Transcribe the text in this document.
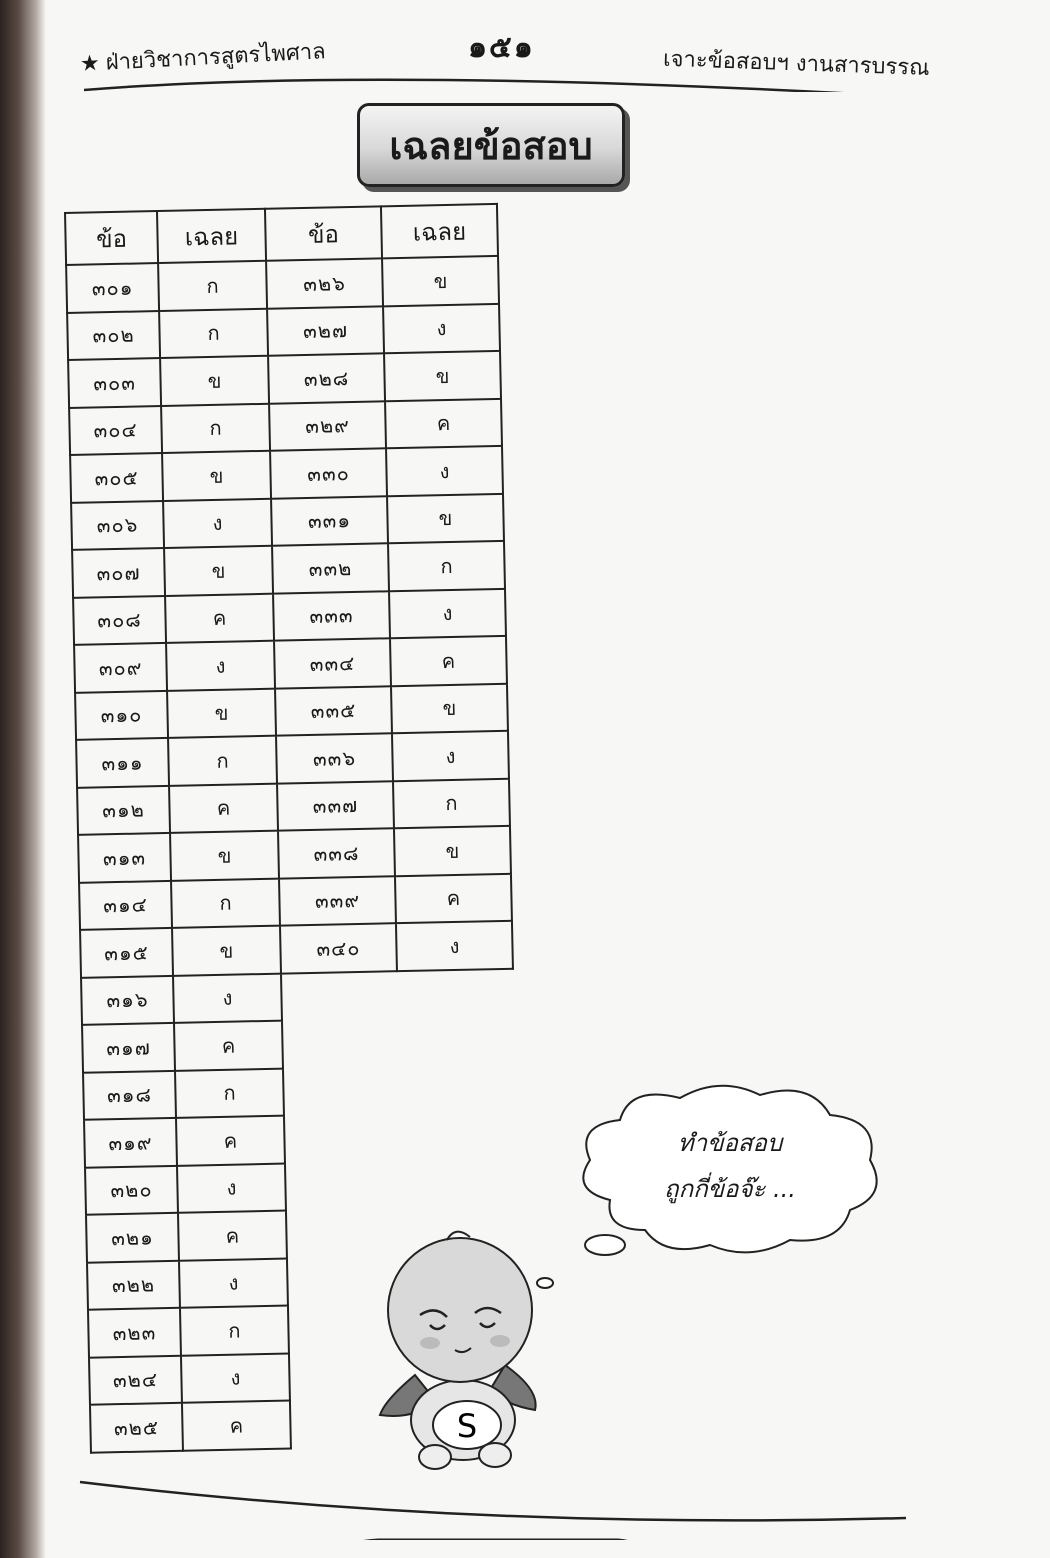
★ ฝ่ายวิชาการสูตรไพศาล	๑๕๑	เจาะข้อสอบฯ งานสารบรรณ
เฉลยข้อสอบ
ข้อ	เฉลย	ข้อ	เฉลย
๓๐๑	ก	๓๒๖	ข
๓๐๒	ก	๓๒๗	ง
๓๐๓	ข	๓๒๘	ข
๓๐๔	ก	๓๒๙	ค
๓๐๕	ข	๓๓๐	ง
๓๐๖	ง	๓๓๑	ข
๓๐๗	ข	๓๓๒	ก
๓๐๘	ค	๓๓๓	ง
๓๐๙	ง	๓๓๔	ค
๓๑๐	ข	๓๓๕	ข
๓๑๑	ก	๓๓๖	ง
๓๑๒	ค	๓๓๗	ก
๓๑๓	ข	๓๓๘	ข
๓๑๔	ก	๓๓๙	ค
๓๑๕	ข	๓๔๐	ง
๓๑๖	ง		
๓๑๗	ค		
๓๑๘	ก		
๓๑๙	ค		
๓๒๐	ง		
๓๒๑	ค		
๓๒๒	ง		
๓๒๓	ก		
๓๒๔	ง		
๓๒๕	ค		
ทำข้อสอบ
ถูกกี่ข้อจ๊ะ ...
S
